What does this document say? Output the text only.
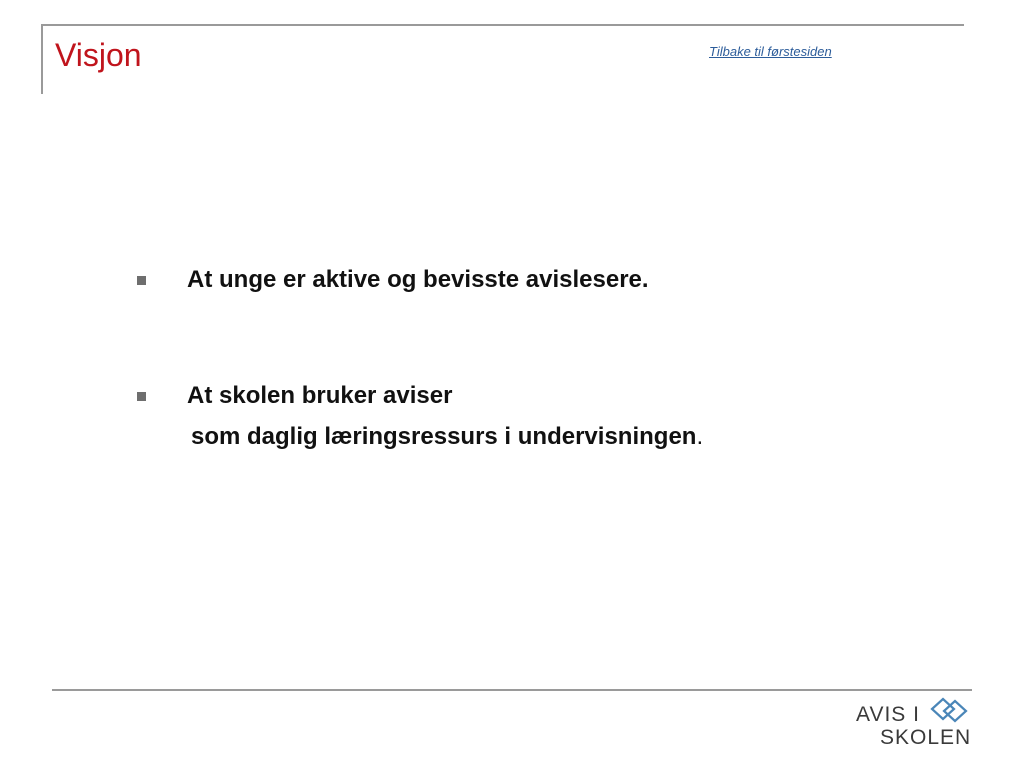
Visjon	Tilbake til førstesiden
At unge er aktive og bevisste avislesere.
At skolen bruker aviser
som daglig læringsressurs i undervisningen.
AVIS I
SKOLEN
